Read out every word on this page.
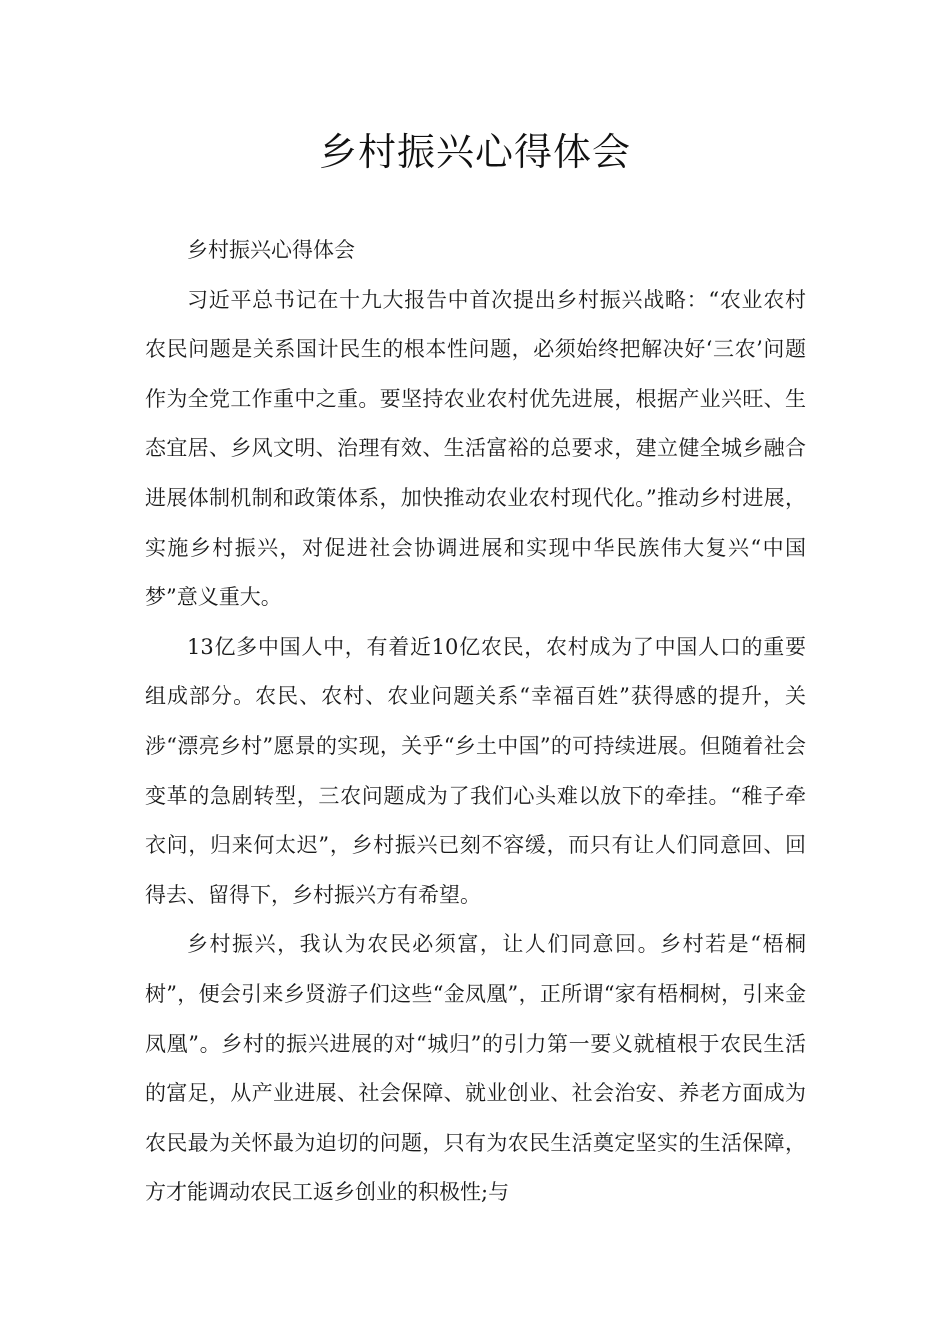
乡村振兴心得体会

乡村振兴心得体会

习近平总书记在十九大报告中首次提出乡村振兴战略：“农业农村农民问题是关系国计民生的根本性问题，必须始终把解决好‘三农’问题作为全党工作重中之重。要坚持农业农村优先进展，根据产业兴旺、生态宜居、乡风文明、治理有效、生活富裕的总要求，建立健全城乡融合进展体制机制和政策体系，加快推动农业农村现代化。”推动乡村进展，实施乡村振兴，对促进社会协调进展和实现中华民族伟大复兴“中国梦”意义重大。

13亿多中国人中，有着近10亿农民，农村成为了中国人口的重要组成部分。农民、农村、农业问题关系“幸福百姓”获得感的提升，关涉“漂亮乡村”愿景的实现，关乎“乡土中国”的可持续进展。但随着社会变革的急剧转型，三农问题成为了我们心头难以放下的牵挂。“稚子牵衣问，归来何太迟”，乡村振兴已刻不容缓，而只有让人们同意回、回得去、留得下，乡村振兴方有希望。

乡村振兴，我认为农民必须富，让人们同意回。乡村若是“梧桐树”，便会引来乡贤游子们这些“金凤凰”，正所谓“家有梧桐树，引来金凤凰”。乡村的振兴进展的对“城归”的引力第一要义就植根于农民生活的富足，从产业进展、社会保障、就业创业、社会治安、养老方面成为农民最为关怀最为迫切的问题，只有为农民生活奠定坚实的生活保障，方才能调动农民工返乡创业的积极性;与
